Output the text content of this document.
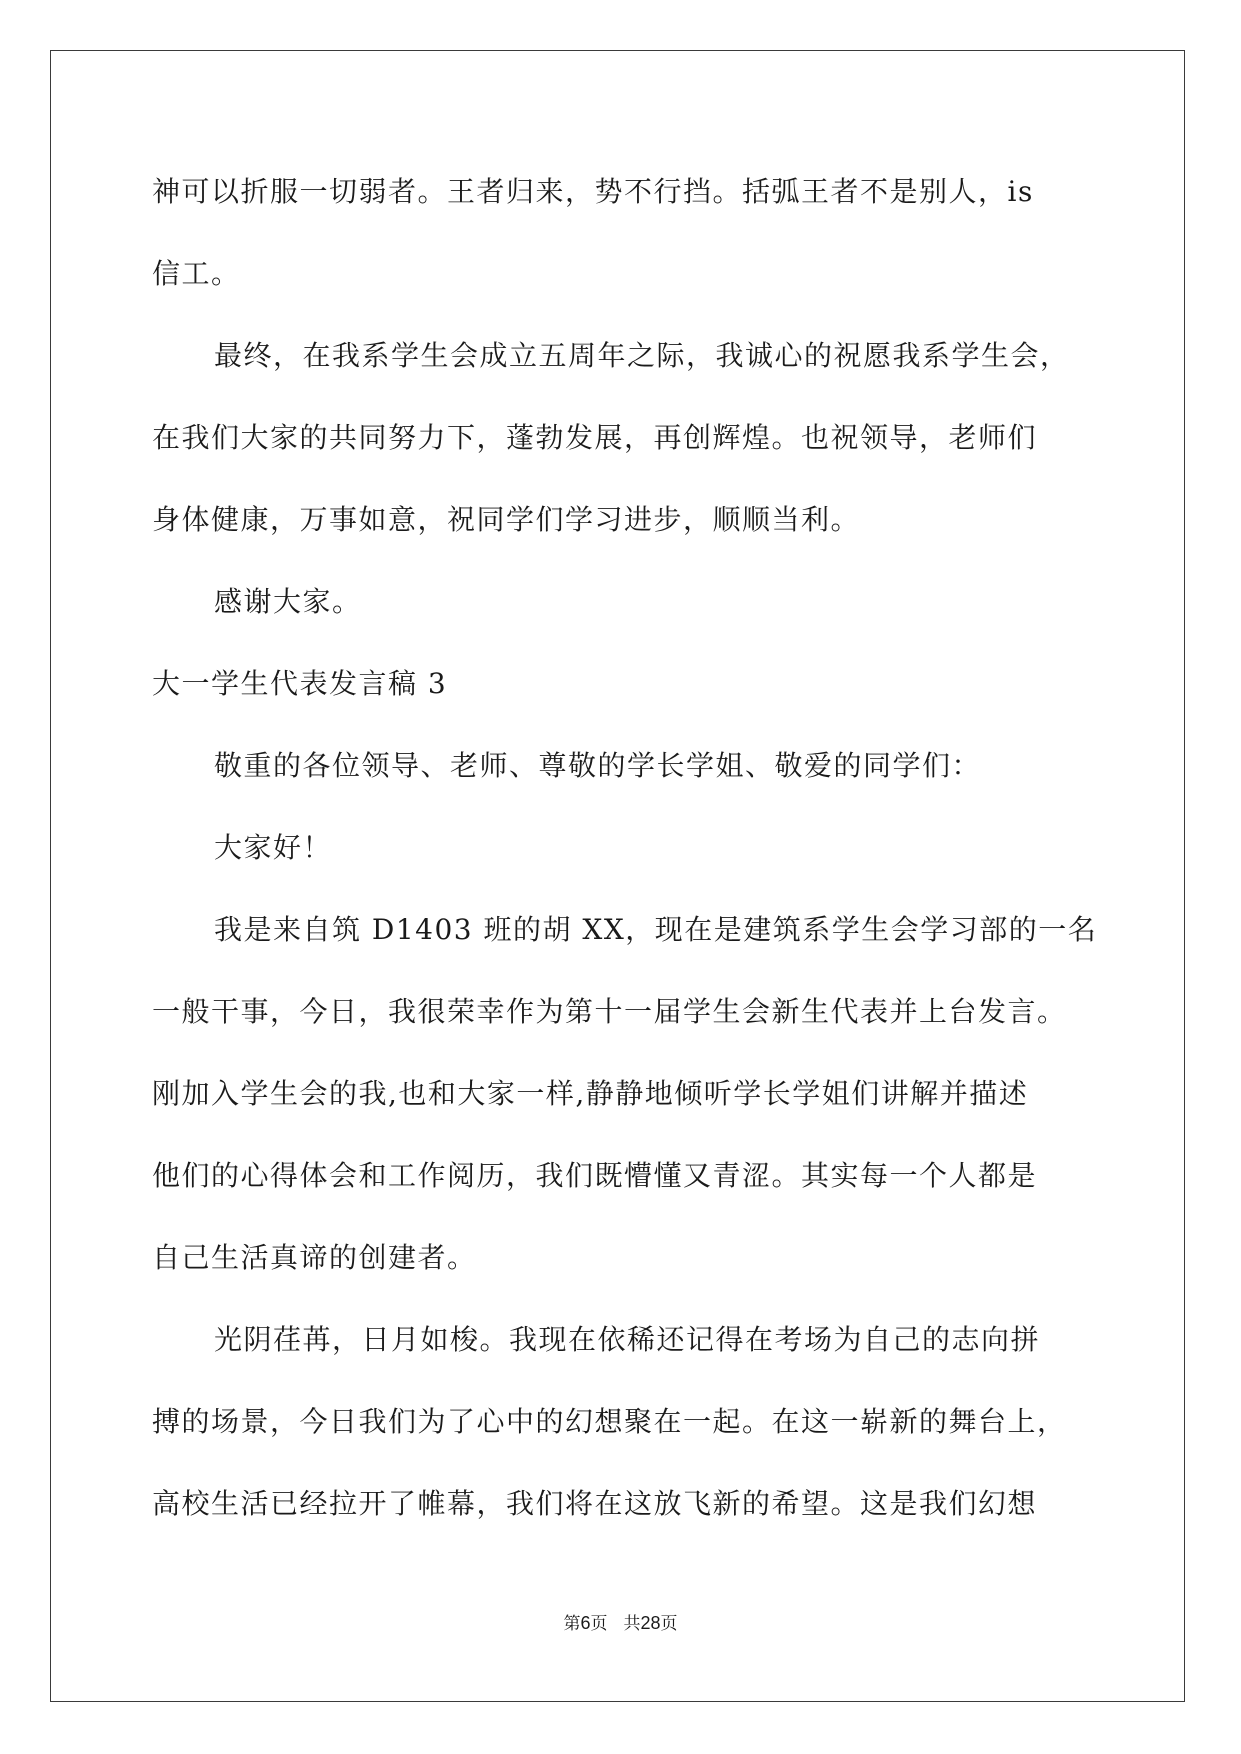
神可以折服一切弱者。王者归来，势不行挡。括弧王者不是别人，is
信工。
最终，在我系学生会成立五周年之际，我诚心的祝愿我系学生会，
在我们大家的共同努力下，蓬勃发展，再创辉煌。也祝领导，老师们
身体健康，万事如意，祝同学们学习进步，顺顺当利。
感谢大家。
大一学生代表发言稿 3
敬重的各位领导、老师、尊敬的学长学姐、敬爱的同学们：
大家好！
我是来自筑 D1403 班的胡 XX，现在是建筑系学生会学习部的一名
一般干事，今日，我很荣幸作为第十一届学生会新生代表并上台发言。
刚加入学生会的我,也和大家一样,静静地倾听学长学姐们讲解并描述
他们的心得体会和工作阅历，我们既懵懂又青涩。其实每一个人都是
自己生活真谛的创建者。
光阴荏苒，日月如梭。我现在依稀还记得在考场为自己的志向拼
搏的场景，今日我们为了心中的幻想聚在一起。在这一崭新的舞台上，
高校生活已经拉开了帷幕，我们将在这放飞新的希望。这是我们幻想
第6页 共28页
